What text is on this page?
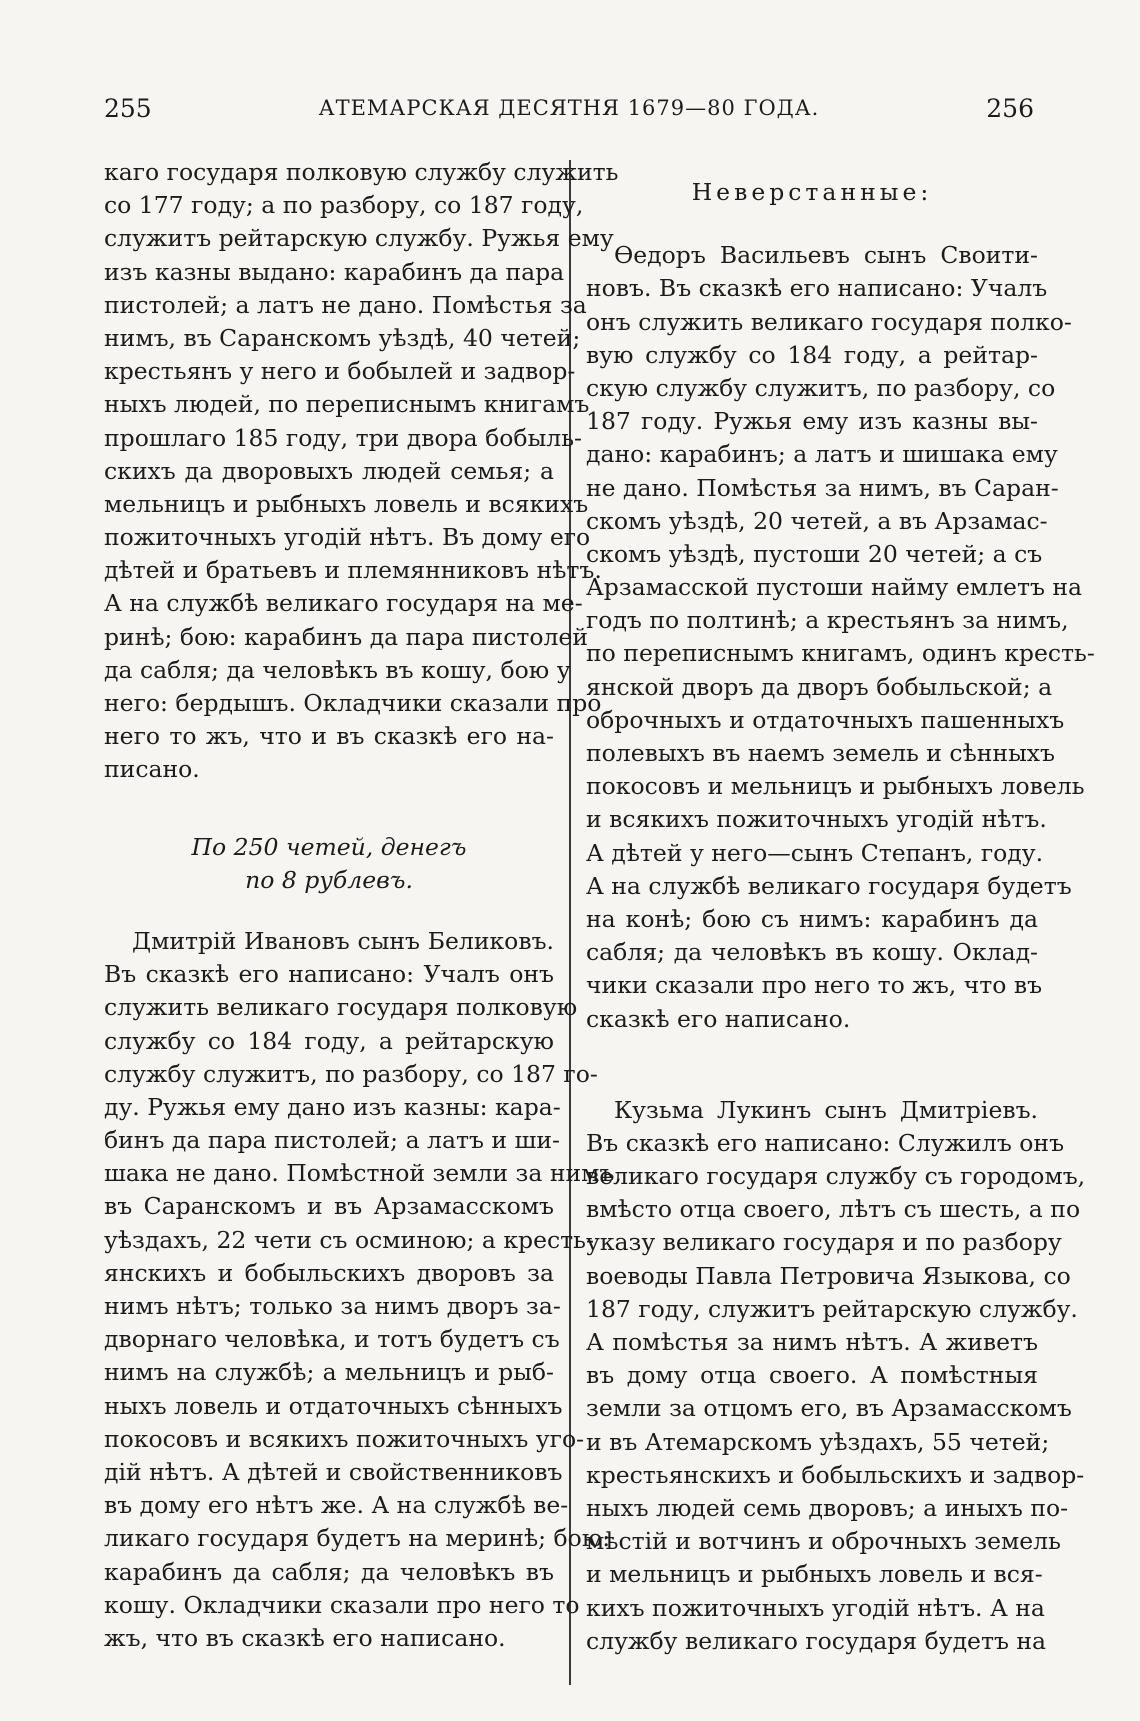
255	АТЕМАРСКАЯ ДЕСЯТНЯ 1679—80 ГОДА.	256
каго государя полковую службу служить
со 177 году; а по разбору, со 187 году,
служитъ рейтарскую службу. Ружья ему
изъ казны выдано: карабинъ да пара
пистолей; а латъ не дано. Помѣстья за
нимъ, въ Саранскомъ уѣздѣ, 40 четей;
крестьянъ у него и бобылей и задвор-
ныхъ людей, по переписнымъ книгамъ
прошлаго 185 году, три двора бобыль-
скихъ да дворовыхъ людей семья; а
мельницъ и рыбныхъ ловель и всякихъ
пожиточныхъ угодій нѣтъ. Въ дому его
дѣтей и братьевъ и племянниковъ нѣтъ.
А на службѣ великаго государя на ме-
ринѣ; бою: карабинъ да пара пистолей
да сабля; да человѣкъ въ кошу, бою у
него: бердышъ. Окладчики сказали про
него то жъ, что и въ сказкѣ его на-
писано.
По 250 четей, денегъ
по 8 рублевъ.
Дмитрій Ивановъ сынъ Беликовъ.
Въ сказкѣ его написано: Учалъ онъ
служить великаго государя полковую
службу со 184 году, а рейтарскую
службу служитъ, по разбору, со 187 го-
ду. Ружья ему дано изъ казны: кара-
бинъ да пара пистолей; а латъ и ши-
шака не дано. Помѣстной земли за нимъ,
въ Саранскомъ и въ Арзамасскомъ
уѣздахъ, 22 чети съ осминою; а кресть-
янскихъ и бобыльскихъ дворовъ за
нимъ нѣтъ; только за нимъ дворъ за-
дворнаго человѣка, и тотъ будетъ съ
нимъ на службѣ; а мельницъ и рыб-
ныхъ ловель и отдаточныхъ сѣнныхъ
покосовъ и всякихъ пожиточныхъ уго-
дій нѣтъ. А дѣтей и свойственниковъ
въ дому его нѣтъ же. А на службѣ ве-
ликаго государя будетъ на меринѣ; бою:
карабинъ да сабля; да человѣкъ въ
кошу. Окладчики сказали про него то
жъ, что въ сказкѣ его написано.
Неверстанные:
Ѳедоръ Васильевъ сынъ Своити-
новъ. Въ сказкѣ его написано: Учалъ
онъ служить великаго государя полко-
вую службу со 184 году, а рейтар-
скую службу служитъ, по разбору, со
187 году. Ружья ему изъ казны вы-
дано: карабинъ; а латъ и шишака ему
не дано. Помѣстья за нимъ, въ Саран-
скомъ уѣздѣ, 20 четей, а въ Арзамас-
скомъ уѣздѣ, пустоши 20 четей; а съ
Арзамасской пустоши найму емлетъ на
годъ по полтинѣ; а крестьянъ за нимъ,
по переписнымъ книгамъ, одинъ кресть-
янской дворъ да дворъ бобыльской; а
оброчныхъ и отдаточныхъ пашенныхъ
полевыхъ въ наемъ земель и сѣнныхъ
покосовъ и мельницъ и рыбныхъ ловель
и всякихъ пожиточныхъ угодій нѣтъ.
А дѣтей у него—сынъ Степанъ, году.
А на службѣ великаго государя будетъ
на конѣ; бою съ нимъ: карабинъ да
сабля; да человѣкъ въ кошу. Оклад-
чики сказали про него то жъ, что въ
сказкѣ его написано.
Кузьма Лукинъ сынъ Дмитріевъ.
Въ сказкѣ его написано: Служилъ онъ
великаго государя службу съ городомъ,
вмѣсто отца своего, лѣтъ съ шесть, а по
указу великаго государя и по разбору
воеводы Павла Петровича Языкова, со
187 году, служитъ рейтарскую службу.
А помѣстья за нимъ нѣтъ. А живетъ
въ дому отца своего. А помѣстныя
земли за отцомъ его, въ Арзамасскомъ
и въ Атемарскомъ уѣздахъ, 55 четей;
крестьянскихъ и бобыльскихъ и задвор-
ныхъ людей семь дворовъ; а иныхъ по-
мѣстій и вотчинъ и оброчныхъ земель
и мельницъ и рыбныхъ ловель и вся-
кихъ пожиточныхъ угодій нѣтъ. А на
службу великаго государя будетъ на
